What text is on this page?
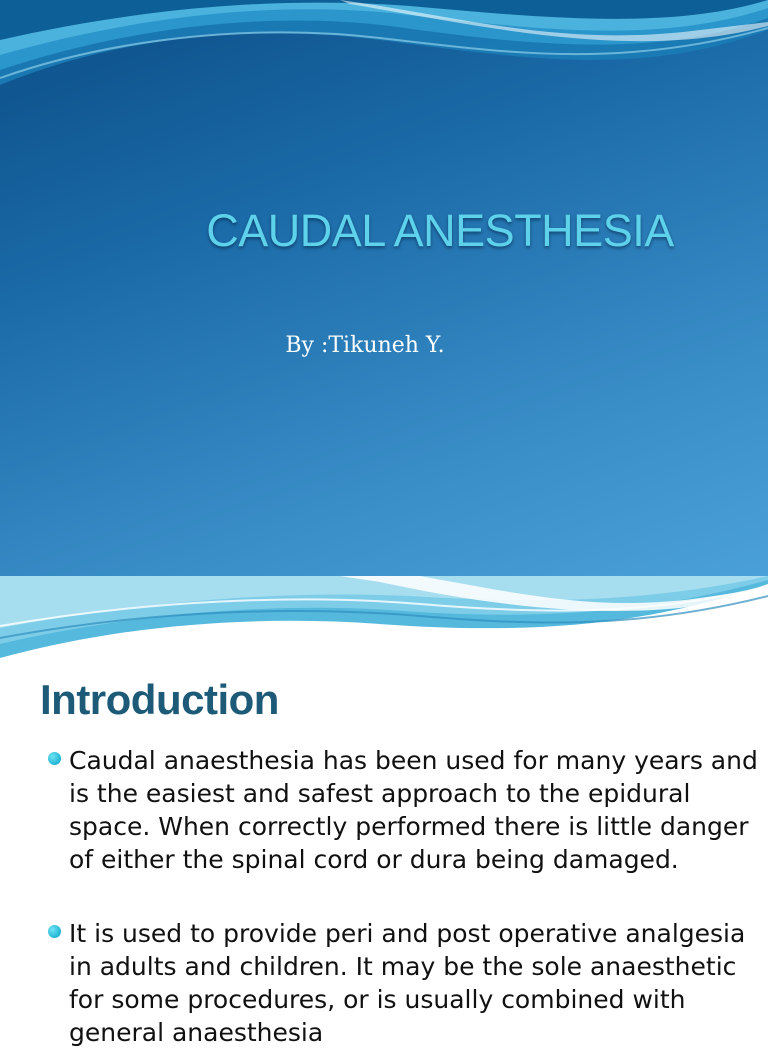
CAUDAL ANESTHESIA
By :Tikuneh Y.
Introduction
Caudal anaesthesia has been used for many years and is the easiest and safest approach to the epidural space. When correctly performed there is little danger of either the spinal cord or dura being damaged.
It is used to provide peri and post operative analgesia in adults and children. It may be the sole anaesthetic for some procedures, or is usually combined with general anaesthesia
